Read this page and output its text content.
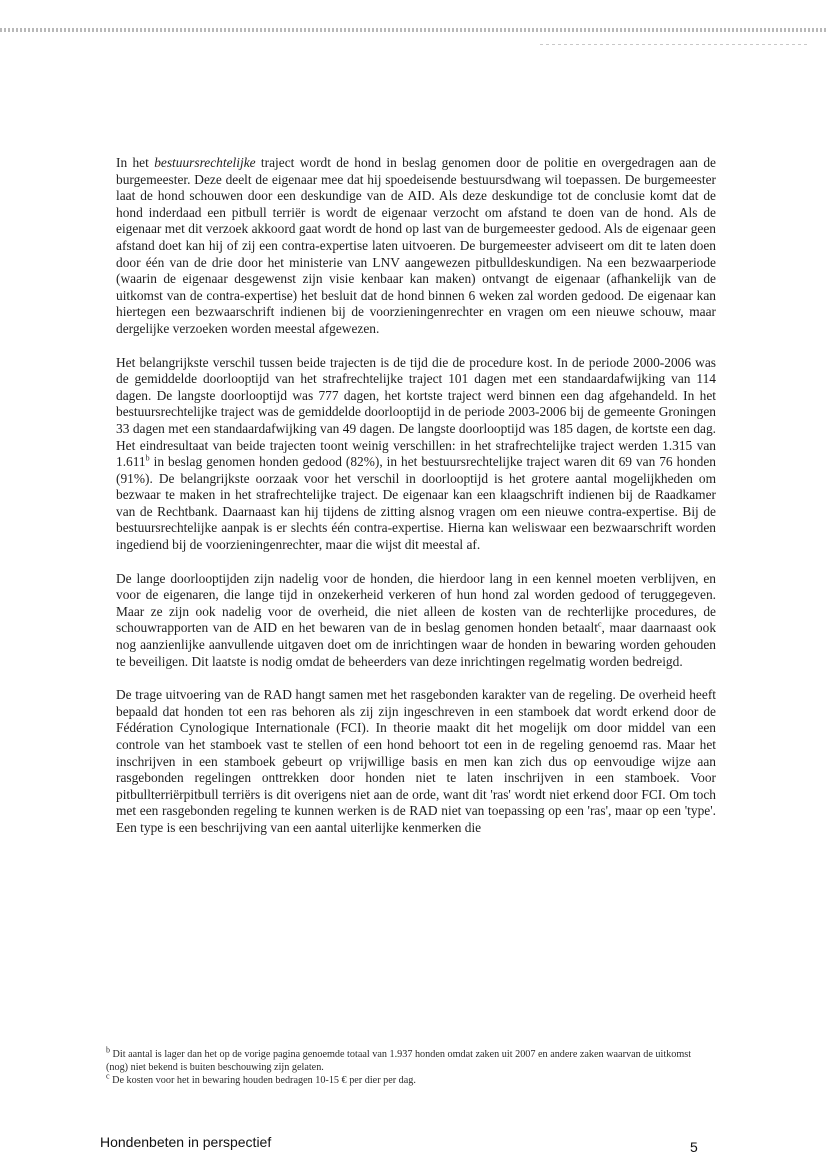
In het bestuursrechtelijke traject wordt de hond in beslag genomen door de politie en overgedragen aan de burgemeester. Deze deelt de eigenaar mee dat hij spoedeisende bestuursdwang wil toepassen. De burgemeester laat de hond schouwen door een deskundige van de AID. Als deze deskundige tot de conclusie komt dat de hond inderdaad een pitbull terriër is wordt de eigenaar verzocht om afstand te doen van de hond. Als de eigenaar met dit verzoek akkoord gaat wordt de hond op last van de burgemeester gedood. Als de eigenaar geen afstand doet kan hij of zij een contra-expertise laten uitvoeren. De burgemeester adviseert om dit te laten doen door één van de drie door het ministerie van LNV aangewezen pitbulldeskundigen. Na een bezwaarperiode (waarin de eigenaar desgewenst zijn visie kenbaar kan maken) ontvangt de eigenaar (afhankelijk van de uitkomst van de contra-expertise) het besluit dat de hond binnen 6 weken zal worden gedood. De eigenaar kan hiertegen een bezwaarschrift indienen bij de voorzieningenrechter en vragen om een nieuwe schouw, maar dergelijke verzoeken worden meestal afgewezen.

Het belangrijkste verschil tussen beide trajecten is de tijd die de procedure kost. In de periode 2000-2006 was de gemiddelde doorlooptijd van het strafrechtelijke traject 101 dagen met een standaardafwijking van 114 dagen. De langste doorlooptijd was 777 dagen, het kortste traject werd binnen een dag afgehandeld. In het bestuursrechtelijke traject was de gemiddelde doorlooptijd in de periode 2003-2006 bij de gemeente Groningen 33 dagen met een standaardafwijking van 49 dagen. De langste doorlooptijd was 185 dagen, de kortste een dag. Het eindresultaat van beide trajecten toont weinig verschillen: in het strafrechtelijke traject werden 1.315 van 1.611$^b$ in beslag genomen honden gedood (82%), in het bestuursrechtelijke traject waren dit 69 van 76 honden (91%). De belangrijkste oorzaak voor het verschil in doorlooptijd is het grotere aantal mogelijkheden om bezwaar te maken in het strafrechtelijke traject. De eigenaar kan een klaagschrift indienen bij de Raadkamer van de Rechtbank. Daarnaast kan hij tijdens de zitting alsnog vragen om een nieuwe contra-expertise. Bij de bestuursrechtelijke aanpak is er slechts één contra-expertise. Hierna kan weliswaar een bezwaarschrift worden ingediend bij de voorzieningenrechter, maar die wijst dit meestal af.

De lange doorlooptijden zijn nadelig voor de honden, die hierdoor lang in een kennel moeten verblijven, en voor de eigenaren, die lange tijd in onzekerheid verkeren of hun hond zal worden gedood of teruggegeven. Maar ze zijn ook nadelig voor de overheid, die niet alleen de kosten van de rechterlijke procedures, de schouwrapporten van de AID en het bewaren van de in beslag genomen honden betaalt$^c$, maar daarnaast ook nog aanzienlijke aanvullende uitgaven doet om de inrichtingen waar de honden in bewaring worden gehouden te beveiligen. Dit laatste is nodig omdat de beheerders van deze inrichtingen regelmatig worden bedreigd.

De trage uitvoering van de RAD hangt samen met het rasgebonden karakter van de regeling. De overheid heeft bepaald dat honden tot een ras behoren als zij zijn ingeschreven in een stamboek dat wordt erkend door de Fédération Cynologique Internationale (FCI). In theorie maakt dit het mogelijk om door middel van een controle van het stamboek vast te stellen of een hond behoort tot een in de regeling genoemd ras. Maar het inschrijven in een stamboek gebeurt op vrijwillige basis en men kan zich dus op eenvoudige wijze aan rasgebonden regelingen onttrekken door honden niet te laten inschrijven in een stamboek. Voor pitbullterriërpitbull terriërs is dit overigens niet aan de orde, want dit 'ras' wordt niet erkend door FCI. Om toch met een rasgebonden regeling te kunnen werken is de RAD niet van toepassing op een 'ras', maar op een 'type'. Een type is een beschrijving van een aantal uiterlijke kenmerken die

$^b$ Dit aantal is lager dan het op de vorige pagina genoemde totaal van 1.937 honden omdat zaken uit 2007 en andere zaken waarvan de uitkomst (nog) niet bekend is buiten beschouwing zijn gelaten.

$^c$ De kosten voor het in bewaring houden bedragen 10-15 € per dier per dag.

Hondenbeten in perspectief	5
